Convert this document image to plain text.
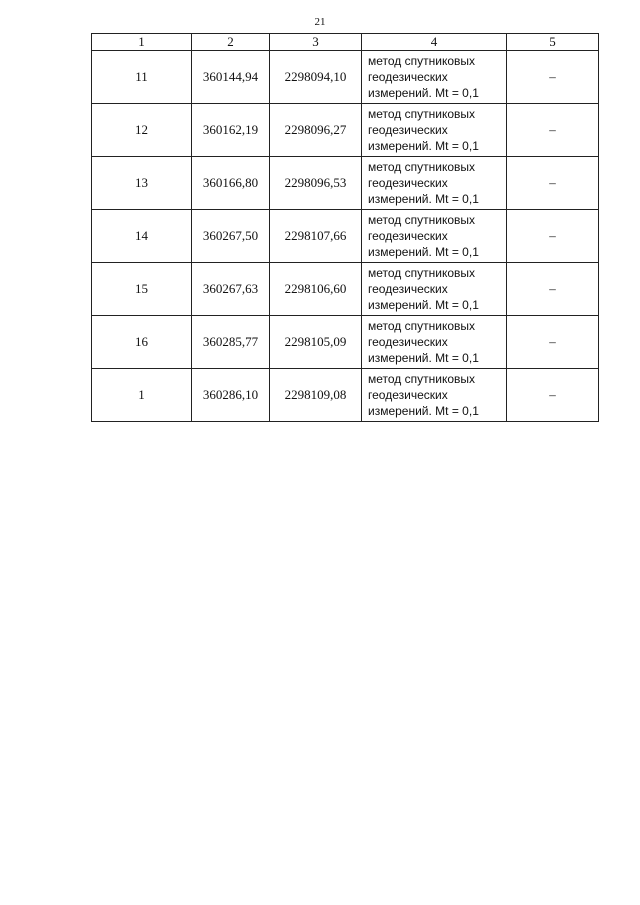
21
1	2	3	4	5
11	360144,94	2298094,10	метод спутниковых
геодезических
измерений. Mt = 0,1	–
12	360162,19	2298096,27	метод спутниковых
геодезических
измерений. Mt = 0,1	–
13	360166,80	2298096,53	метод спутниковых
геодезических
измерений. Mt = 0,1	–
14	360267,50	2298107,66	метод спутниковых
геодезических
измерений. Mt = 0,1	–
15	360267,63	2298106,60	метод спутниковых
геодезических
измерений. Mt = 0,1	–
16	360285,77	2298105,09	метод спутниковых
геодезических
измерений. Mt = 0,1	–
1	360286,10	2298109,08	метод спутниковых
геодезических
измерений. Mt = 0,1	–
